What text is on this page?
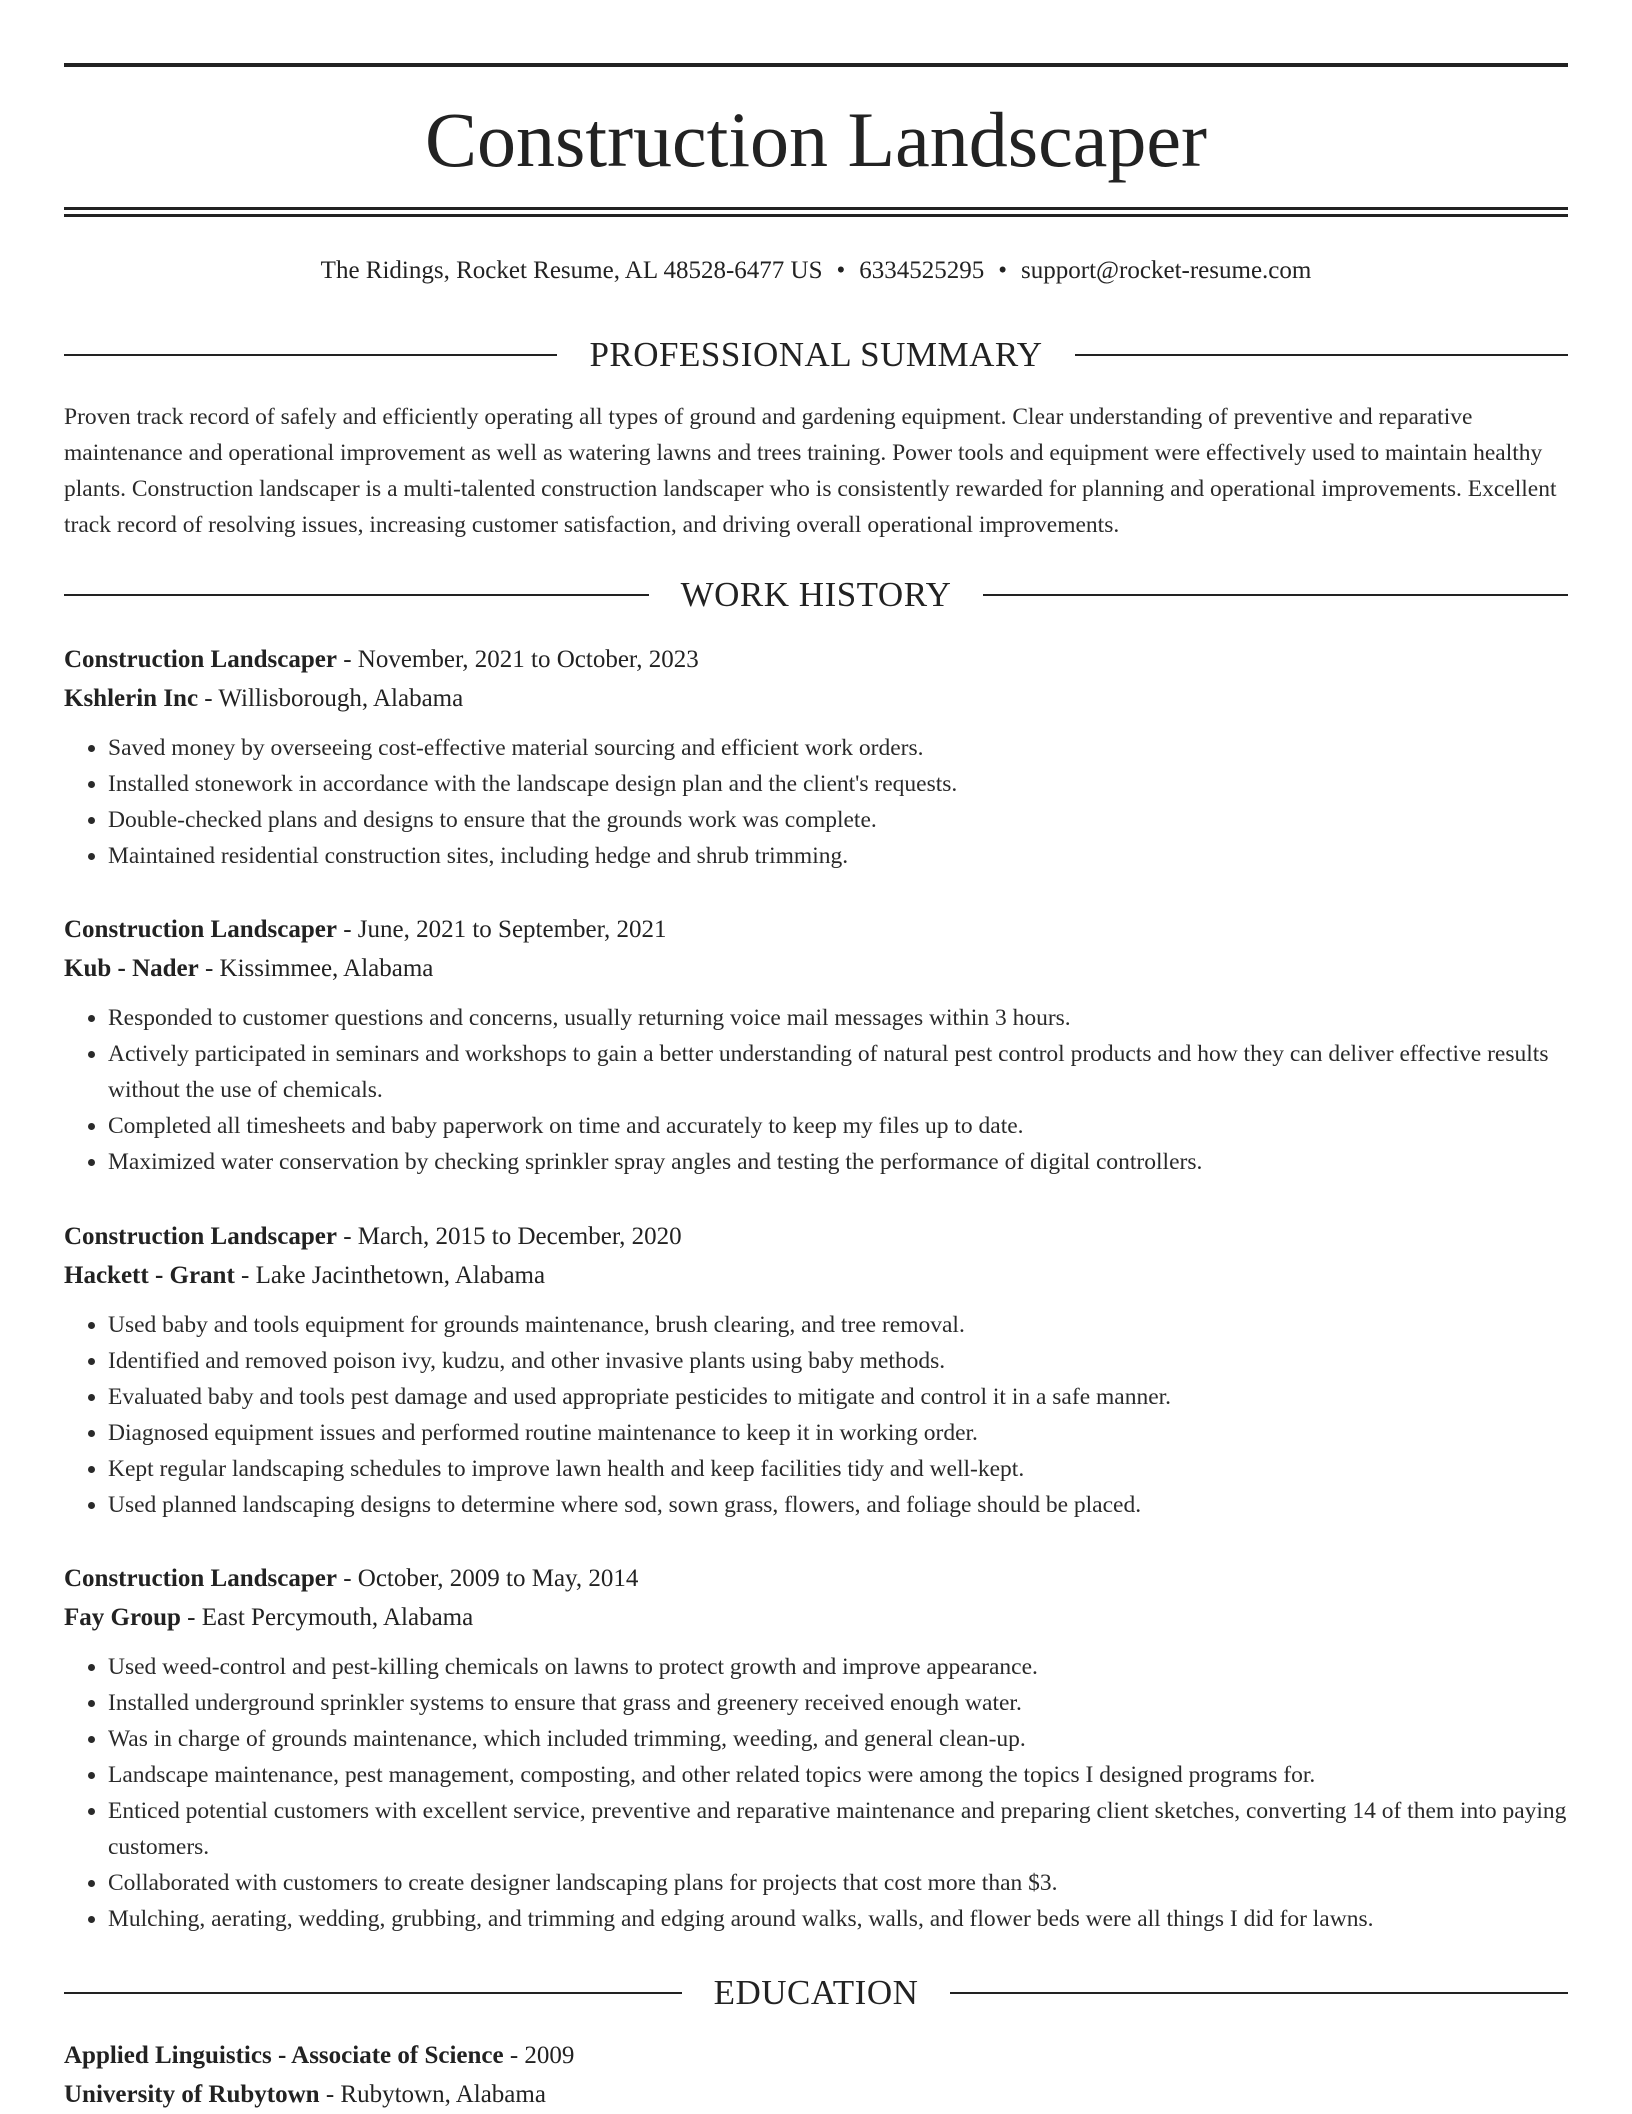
Construction Landscaper
The Ridings, Rocket Resume, AL 48528-6477 US • 6334525295 • support@rocket-resume.com
PROFESSIONAL SUMMARY

Proven track record of safely and efficiently operating all types of ground and gardening equipment. Clear understanding of preventive and reparative maintenance and operational improvement as well as watering lawns and trees training. Power tools and equipment were effectively used to maintain healthy plants. Construction landscaper is a multi-talented construction landscaper who is consistently rewarded for planning and operational improvements. Excellent track record of resolving issues, increasing customer satisfaction, and driving overall operational improvements.

WORK HISTORY
Construction Landscaper - November, 2021 to October, 2023
Kshlerin Inc - Willisborough, Alabama
• Saved money by overseeing cost-effective material sourcing and efficient work orders.
• Installed stonework in accordance with the landscape design plan and the client's requests.
• Double-checked plans and designs to ensure that the grounds work was complete.
• Maintained residential construction sites, including hedge and shrub trimming.
Construction Landscaper - June, 2021 to September, 2021
Kub - Nader - Kissimmee, Alabama
• Responded to customer questions and concerns, usually returning voice mail messages within 3 hours.
• Actively participated in seminars and workshops to gain a better understanding of natural pest control products and how they can deliver effective results without the use of chemicals.
• Completed all timesheets and baby paperwork on time and accurately to keep my files up to date.
• Maximized water conservation by checking sprinkler spray angles and testing the performance of digital controllers.
Construction Landscaper - March, 2015 to December, 2020
Hackett - Grant - Lake Jacinthetown, Alabama
• Used baby and tools equipment for grounds maintenance, brush clearing, and tree removal.
• Identified and removed poison ivy, kudzu, and other invasive plants using baby methods.
• Evaluated baby and tools pest damage and used appropriate pesticides to mitigate and control it in a safe manner.
• Diagnosed equipment issues and performed routine maintenance to keep it in working order.
• Kept regular landscaping schedules to improve lawn health and keep facilities tidy and well-kept.
• Used planned landscaping designs to determine where sod, sown grass, flowers, and foliage should be placed.
Construction Landscaper - October, 2009 to May, 2014
Fay Group - East Percymouth, Alabama
• Used weed-control and pest-killing chemicals on lawns to protect growth and improve appearance.
• Installed underground sprinkler systems to ensure that grass and greenery received enough water.
• Was in charge of grounds maintenance, which included trimming, weeding, and general clean-up.
• Landscape maintenance, pest management, composting, and other related topics were among the topics I designed programs for.
• Enticed potential customers with excellent service, preventive and reparative maintenance and preparing client sketches, converting 14 of them into paying customers.
• Collaborated with customers to create designer landscaping plans for projects that cost more than $3.
• Mulching, aerating, wedding, grubbing, and trimming and edging around walks, walls, and flower beds were all things I did for lawns.
EDUCATION
Applied Linguistics - Associate of Science - 2009
University of Rubytown - Rubytown, Alabama
